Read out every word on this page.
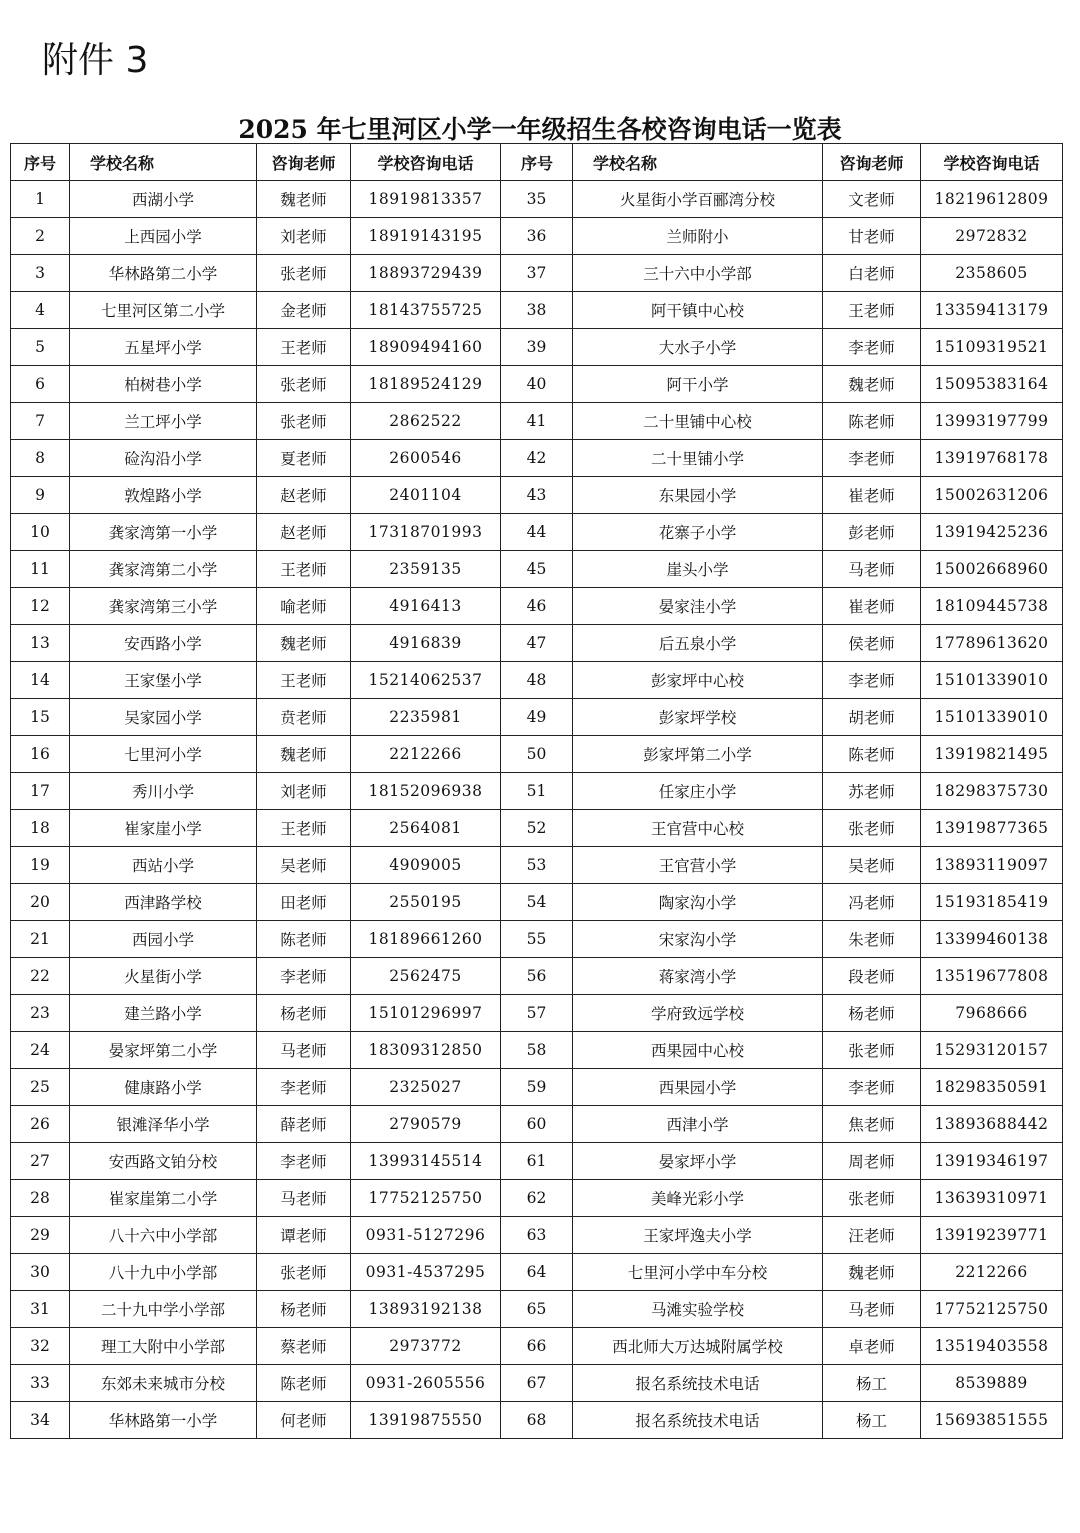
附件 3
2025 年七里河区小学一年级招生各校咨询电话一览表
序号	学校名称	咨询老师	学校咨询电话	序号	学校名称	咨询老师	学校咨询电话
1	西湖小学	魏老师	18919813357	35	火星街小学百郦湾分校	文老师	18219612809
2	上西园小学	刘老师	18919143195	36	兰师附小	甘老师	2972832
3	华林路第二小学	张老师	18893729439	37	三十六中小学部	白老师	2358605
4	七里河区第二小学	金老师	18143755725	38	阿干镇中心校	王老师	13359413179
5	五星坪小学	王老师	18909494160	39	大水子小学	李老师	15109319521
6	柏树巷小学	张老师	18189524129	40	阿干小学	魏老师	15095383164
7	兰工坪小学	张老师	2862522	41	二十里铺中心校	陈老师	13993197799
8	硷沟沿小学	夏老师	2600546	42	二十里铺小学	李老师	13919768178
9	敦煌路小学	赵老师	2401104	43	东果园小学	崔老师	15002631206
10	龚家湾第一小学	赵老师	17318701993	44	花寨子小学	彭老师	13919425236
11	龚家湾第二小学	王老师	2359135	45	崖头小学	马老师	15002668960
12	龚家湾第三小学	喻老师	4916413	46	晏家洼小学	崔老师	18109445738
13	安西路小学	魏老师	4916839	47	后五泉小学	侯老师	17789613620
14	王家堡小学	王老师	15214062537	48	彭家坪中心校	李老师	15101339010
15	吴家园小学	贲老师	2235981	49	彭家坪学校	胡老师	15101339010
16	七里河小学	魏老师	2212266	50	彭家坪第二小学	陈老师	13919821495
17	秀川小学	刘老师	18152096938	51	任家庄小学	苏老师	18298375730
18	崔家崖小学	王老师	2564081	52	王官营中心校	张老师	13919877365
19	西站小学	吴老师	4909005	53	王官营小学	吴老师	13893119097
20	西津路学校	田老师	2550195	54	陶家沟小学	冯老师	15193185419
21	西园小学	陈老师	18189661260	55	宋家沟小学	朱老师	13399460138
22	火星街小学	李老师	2562475	56	蒋家湾小学	段老师	13519677808
23	建兰路小学	杨老师	15101296997	57	学府致远学校	杨老师	7968666
24	晏家坪第二小学	马老师	18309312850	58	西果园中心校	张老师	15293120157
25	健康路小学	李老师	2325027	59	西果园小学	李老师	18298350591
26	银滩泽华小学	薛老师	2790579	60	西津小学	焦老师	13893688442
27	安西路文铂分校	李老师	13993145514	61	晏家坪小学	周老师	13919346197
28	崔家崖第二小学	马老师	17752125750	62	美峰光彩小学	张老师	13639310971
29	八十六中小学部	谭老师	0931-5127296	63	王家坪逸夫小学	汪老师	13919239771
30	八十九中小学部	张老师	0931-4537295	64	七里河小学中车分校	魏老师	2212266
31	二十九中学小学部	杨老师	13893192138	65	马滩实验学校	马老师	17752125750
32	理工大附中小学部	蔡老师	2973772	66	西北师大万达城附属学校	卓老师	13519403558
33	东郊未来城市分校	陈老师	0931-2605556	67	报名系统技术电话	杨工	8539889
34	华林路第一小学	何老师	13919875550	68	报名系统技术电话	杨工	15693851555
